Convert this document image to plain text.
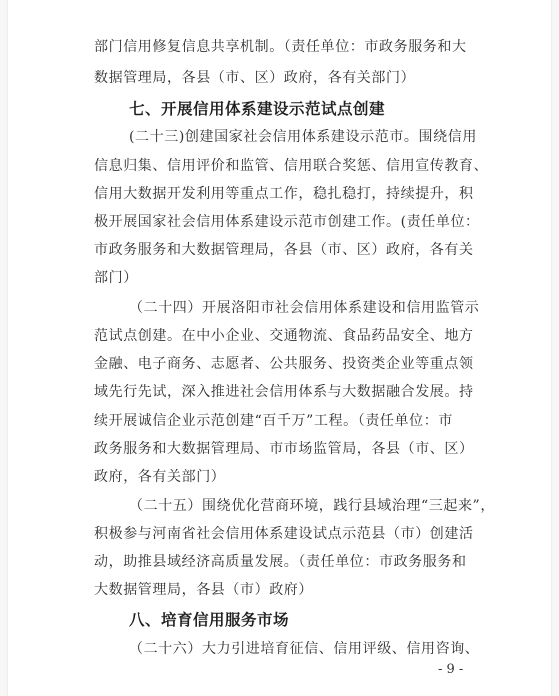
部门信用修复信息共享机制。（责任单位：市政务服务和大
数据管理局，各县（市、区）政府，各有关部门）
七、开展信用体系建设示范试点创建
(二十三)创建国家社会信用体系建设示范市。围绕信用
信息归集、信用评价和监管、信用联合奖惩、信用宣传教育、
信用大数据开发利用等重点工作，稳扎稳打，持续提升，积
极开展国家社会信用体系建设示范市创建工作。(责任单位：
市政务服务和大数据管理局，各县（市、区）政府，各有关
部门）
（二十四）开展洛阳市社会信用体系建设和信用监管示
范试点创建。在中小企业、交通物流、食品药品安全、地方
金融、电子商务、志愿者、公共服务、投资类企业等重点领
域先行先试，深入推进社会信用体系与大数据融合发展。持
续开展诚信企业示范创建“百千万”工程。（责任单位：市
政务服务和大数据管理局、市市场监管局，各县（市、区）
政府，各有关部门）
（二十五）围绕优化营商环境，践行县域治理“三起来”，
积极参与河南省社会信用体系建设试点示范县（市）创建活
动，助推县域经济高质量发展。（责任单位：市政务服务和
大数据管理局，各县（市）政府）
八、培育信用服务市场
（二十六）大力引进培育征信、信用评级、信用咨询、
- 9 -
